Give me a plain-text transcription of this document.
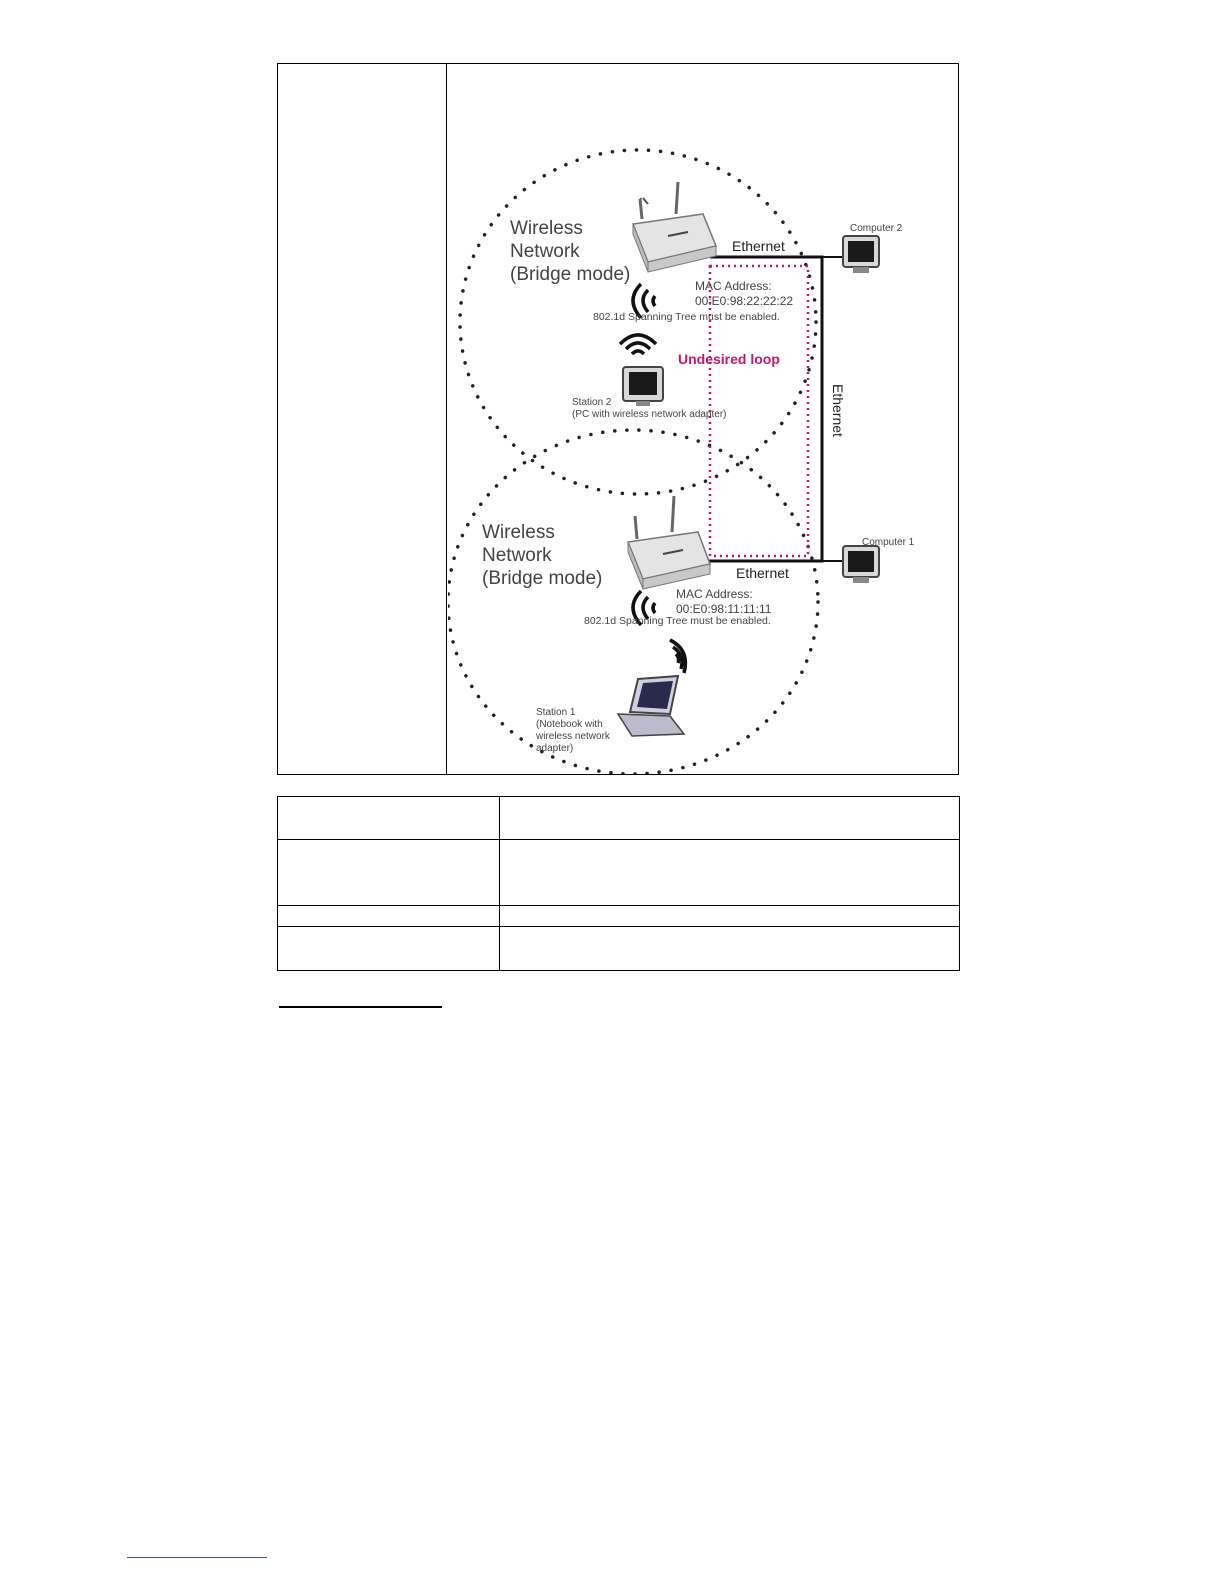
Wireless
Network
(Bridge mode)
Wireless
Network
(Bridge mode)
Ethernet
Ethernet
Ethernet
MAC Address:
00:E0:98:22:22:22
802.1d Spanning Tree must be enabled.
Undesired loop
Station 2
(PC with wireless network adapter)
Computer 2
Computer 1
MAC Address:
00:E0:98:11:11:11
802.1d Spanning Tree must be enabled.
Station 1
(Notebook with
wireless network
adapter)
